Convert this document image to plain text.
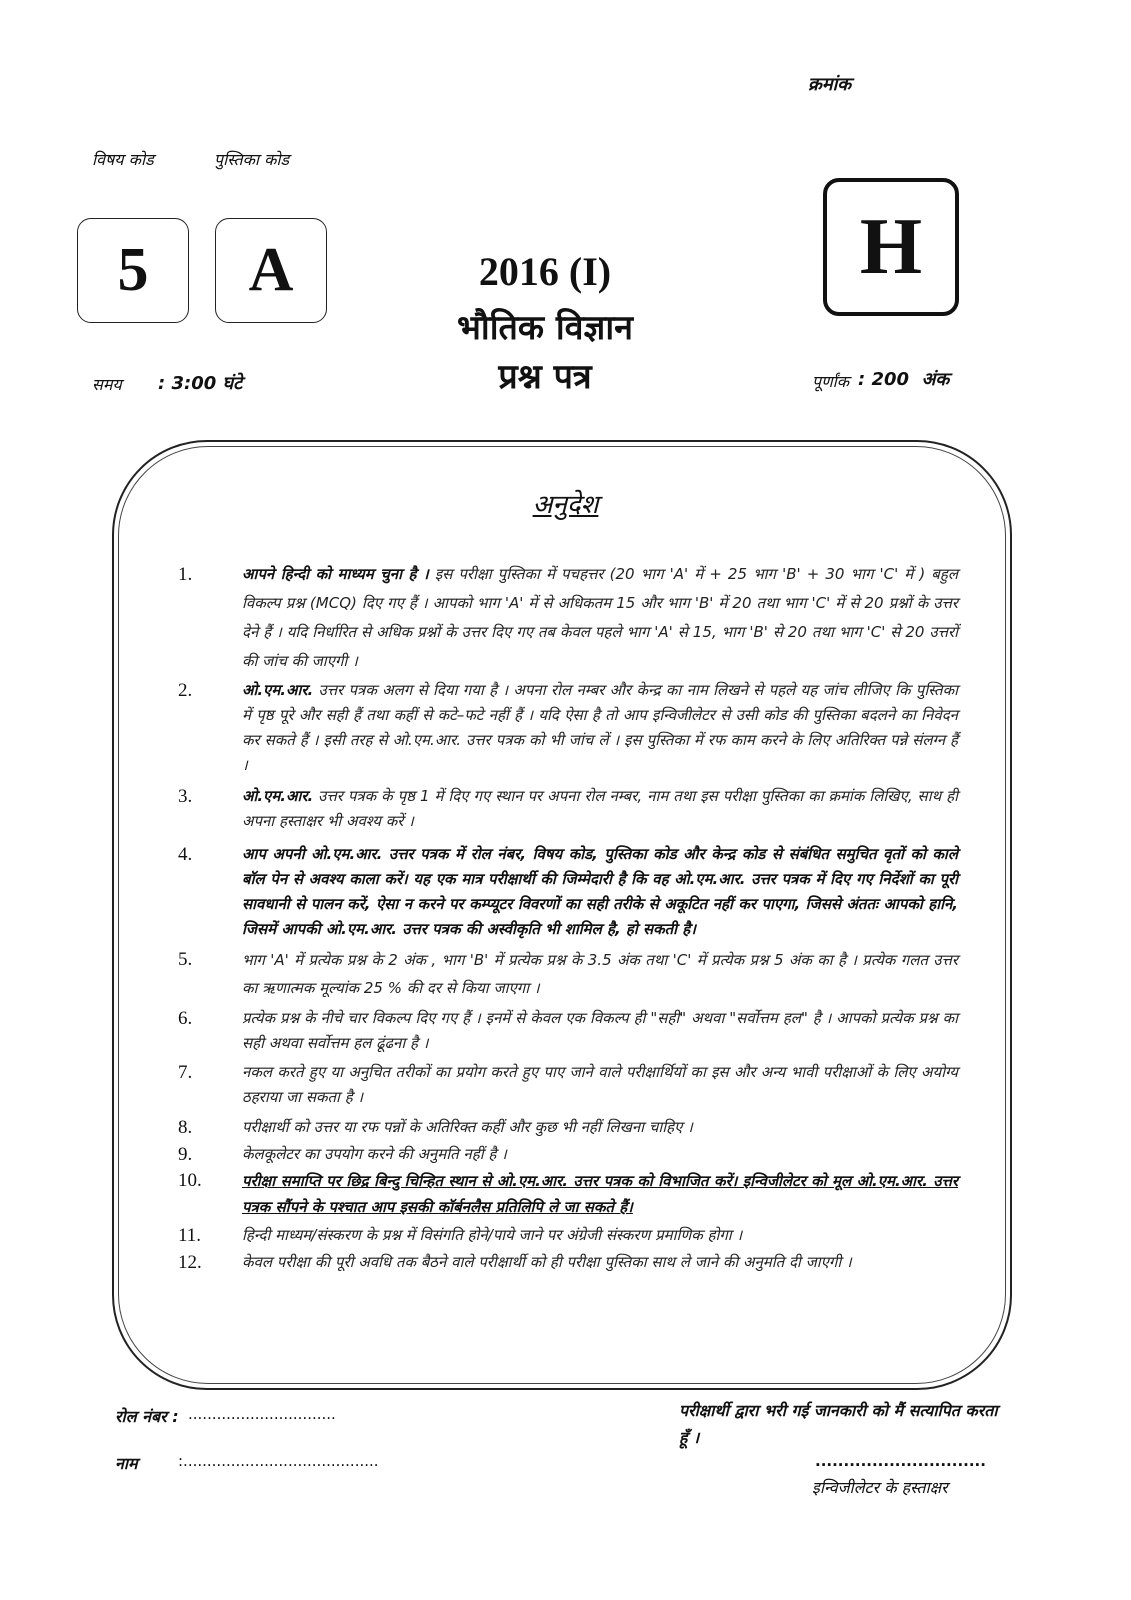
क्रमांक
विषय कोड	पुस्तिका कोड
5	A	H
2016 (I)
भौतिक विज्ञान
प्रश्न पत्र
समय : 3:00 घंटे	पूर्णांक : 200  अंक
अनुदेश
1.	आपने हिन्दी को माध्यम चुना है । इस परीक्षा पुस्तिका में पचहत्तर (20 भाग 'A' में + 25 भाग 'B' + 30 भाग 'C' में ) बहुल विकल्प प्रश्न (MCQ) दिए गए हैं । आपको भाग 'A' में से अधिकतम 15 और भाग 'B' में 20 तथा भाग 'C' में से 20 प्रश्नों के उत्तर देने हैं । यदि निर्धारित से अधिक प्रश्नों के उत्तर दिए गए तब केवल पहले भाग 'A' से 15, भाग 'B' से 20 तथा भाग 'C' से 20 उत्तरों की जांच की जाएगी ।
2.	ओ.एम.आर. उत्तर पत्रक अलग से दिया गया है । अपना रोल नम्बर और केन्द्र का नाम लिखने से पहले यह जांच लीजिए कि पुस्तिका में पृष्ठ पूरे और सही हैं तथा कहीं से कटे–फटे नहीं हैं । यदि ऐसा है तो आप इन्विजीलेटर से उसी कोड की पुस्तिका बदलने का निवेदन कर सकते हैं । इसी तरह से ओ.एम.आर. उत्तर पत्रक को भी जांच लें । इस पुस्तिका में रफ काम करने के लिए अतिरिक्त पन्ने संलग्न हैं ।
3.	ओ.एम.आर. उत्तर पत्रक के पृष्ठ 1 में दिए गए स्थान पर अपना रोल नम्बर, नाम तथा इस परीक्षा पुस्तिका का क्रमांक लिखिए, साथ ही अपना हस्ताक्षर भी अवश्य करें ।
4.	आप अपनी ओ.एम.आर. उत्तर पत्रक में रोल नंबर, विषय कोड, पुस्तिका कोड और केन्द्र कोड से संबंधित समुचित वृतों को काले बॉल पेन से अवश्य काला करें। यह एक मात्र परीक्षार्थी की जिम्मेदारी है कि वह ओ.एम.आर. उत्तर पत्रक में दिए गए निर्देशों का पूरी सावधानी से पालन करें, ऐसा न करने पर कम्प्यूटर विवरणों का सही तरीके से अकूटित नहीं कर पाएगा, जिससे अंततः आपको हानि, जिसमें आपकी ओ.एम.आर. उत्तर पत्रक की अस्वीकृति भी शामिल है, हो सकती है।
5.	भाग 'A' में प्रत्येक प्रश्न के 2 अंक , भाग 'B' में प्रत्येक प्रश्न के 3.5 अंक तथा 'C' में प्रत्येक प्रश्न 5 अंक का है । प्रत्येक गलत उत्तर का ऋणात्मक मूल्यांक 25 % की दर से किया जाएगा ।
6.	प्रत्येक प्रश्न के नीचे चार विकल्प दिए गए हैं । इनमें से केवल एक विकल्प ही "सही" अथवा "सर्वोत्तम हल" है । आपको प्रत्येक प्रश्न का सही अथवा सर्वोत्तम हल ढूंढना है ।
7.	नकल करते हुए या अनुचित तरीकों का प्रयोग करते हुए पाए जाने वाले परीक्षार्थियों का इस और अन्य भावी परीक्षाओं के लिए अयोग्य ठहराया जा सकता है ।
8.	परीक्षार्थी को उत्तर या रफ पन्नों के अतिरिक्त कहीं और कुछ भी नहीं लिखना चाहिए ।
9.	केलकूलेटर का उपयोग करने की अनुमति नहीं है ।
10.	परीक्षा समाप्ति पर छिद्र बिन्दु चिन्हित स्थान से ओ.एम.आर. उत्तर पत्रक को विभाजित करें। इन्विजीलेटर को मूल ओ.एम.आर. उत्तर पत्रक सौंपने के पश्चात आप इसकी कॉर्बनलैस प्रतिलिपि ले जा सकते हैं।
11.	हिन्दी माध्यम/संस्करण के प्रश्न में विसंगति होने/पाये जाने पर अंग्रेजी संस्करण प्रमाणिक होगा ।
12.	केवल परीक्षा की पूरी अवधि तक बैठने वाले परीक्षार्थी को ही परीक्षा पुस्तिका साथ ले जाने की अनुमति दी जाएगी ।
रोल नंबर : ...............................
नाम	:.........................................
परीक्षार्थी द्वारा भरी गई जानकारी को मैं सत्यापित करता हूँ ।
..............................
इन्विजीलेटर के हस्ताक्षर
